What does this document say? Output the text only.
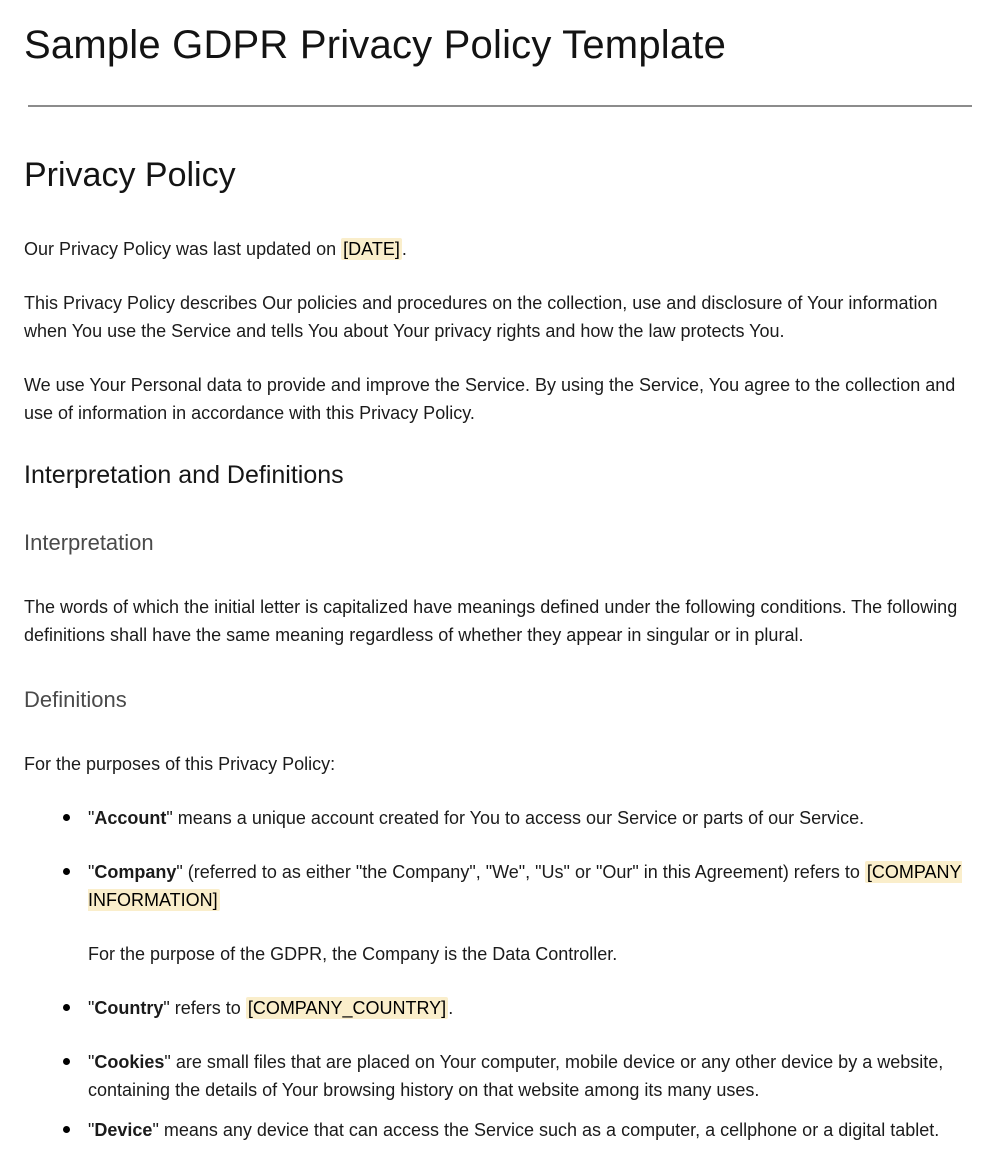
Sample GDPR Privacy Policy Template
Privacy Policy

Our Privacy Policy was last updated on [DATE] .

This Privacy Policy describes Our policies and procedures on the collection, use and disclosure of Your information when You use the Service and tells You about Your privacy rights and how the law protects You.

We use Your Personal data to provide and improve the Service. By using the Service, You agree to the collection and use of information in accordance with this Privacy Policy.

Interpretation and Definitions
Interpretation

The words of which the initial letter is capitalized have meanings defined under the following conditions. The following definitions shall have the same meaning regardless of whether they appear in singular or in plural.

Definitions

For the purposes of this Privacy Policy:

"Account" means a unique account created for You to access our Service or parts of our Service.
"Company" (referred to as either "the Company", "We", "Us" or "Our" in this Agreement) refers to [COMPANY INFORMATION]

For the purpose of the GDPR, the Company is the Data Controller.

"Country" refers to [COMPANY_COUNTRY] .
"Cookies" are small files that are placed on Your computer, mobile device or any other device by a website, containing the details of Your browsing history on that website among its many uses.
"Device" means any device that can access the Service such as a computer, a cellphone or a digital tablet.
